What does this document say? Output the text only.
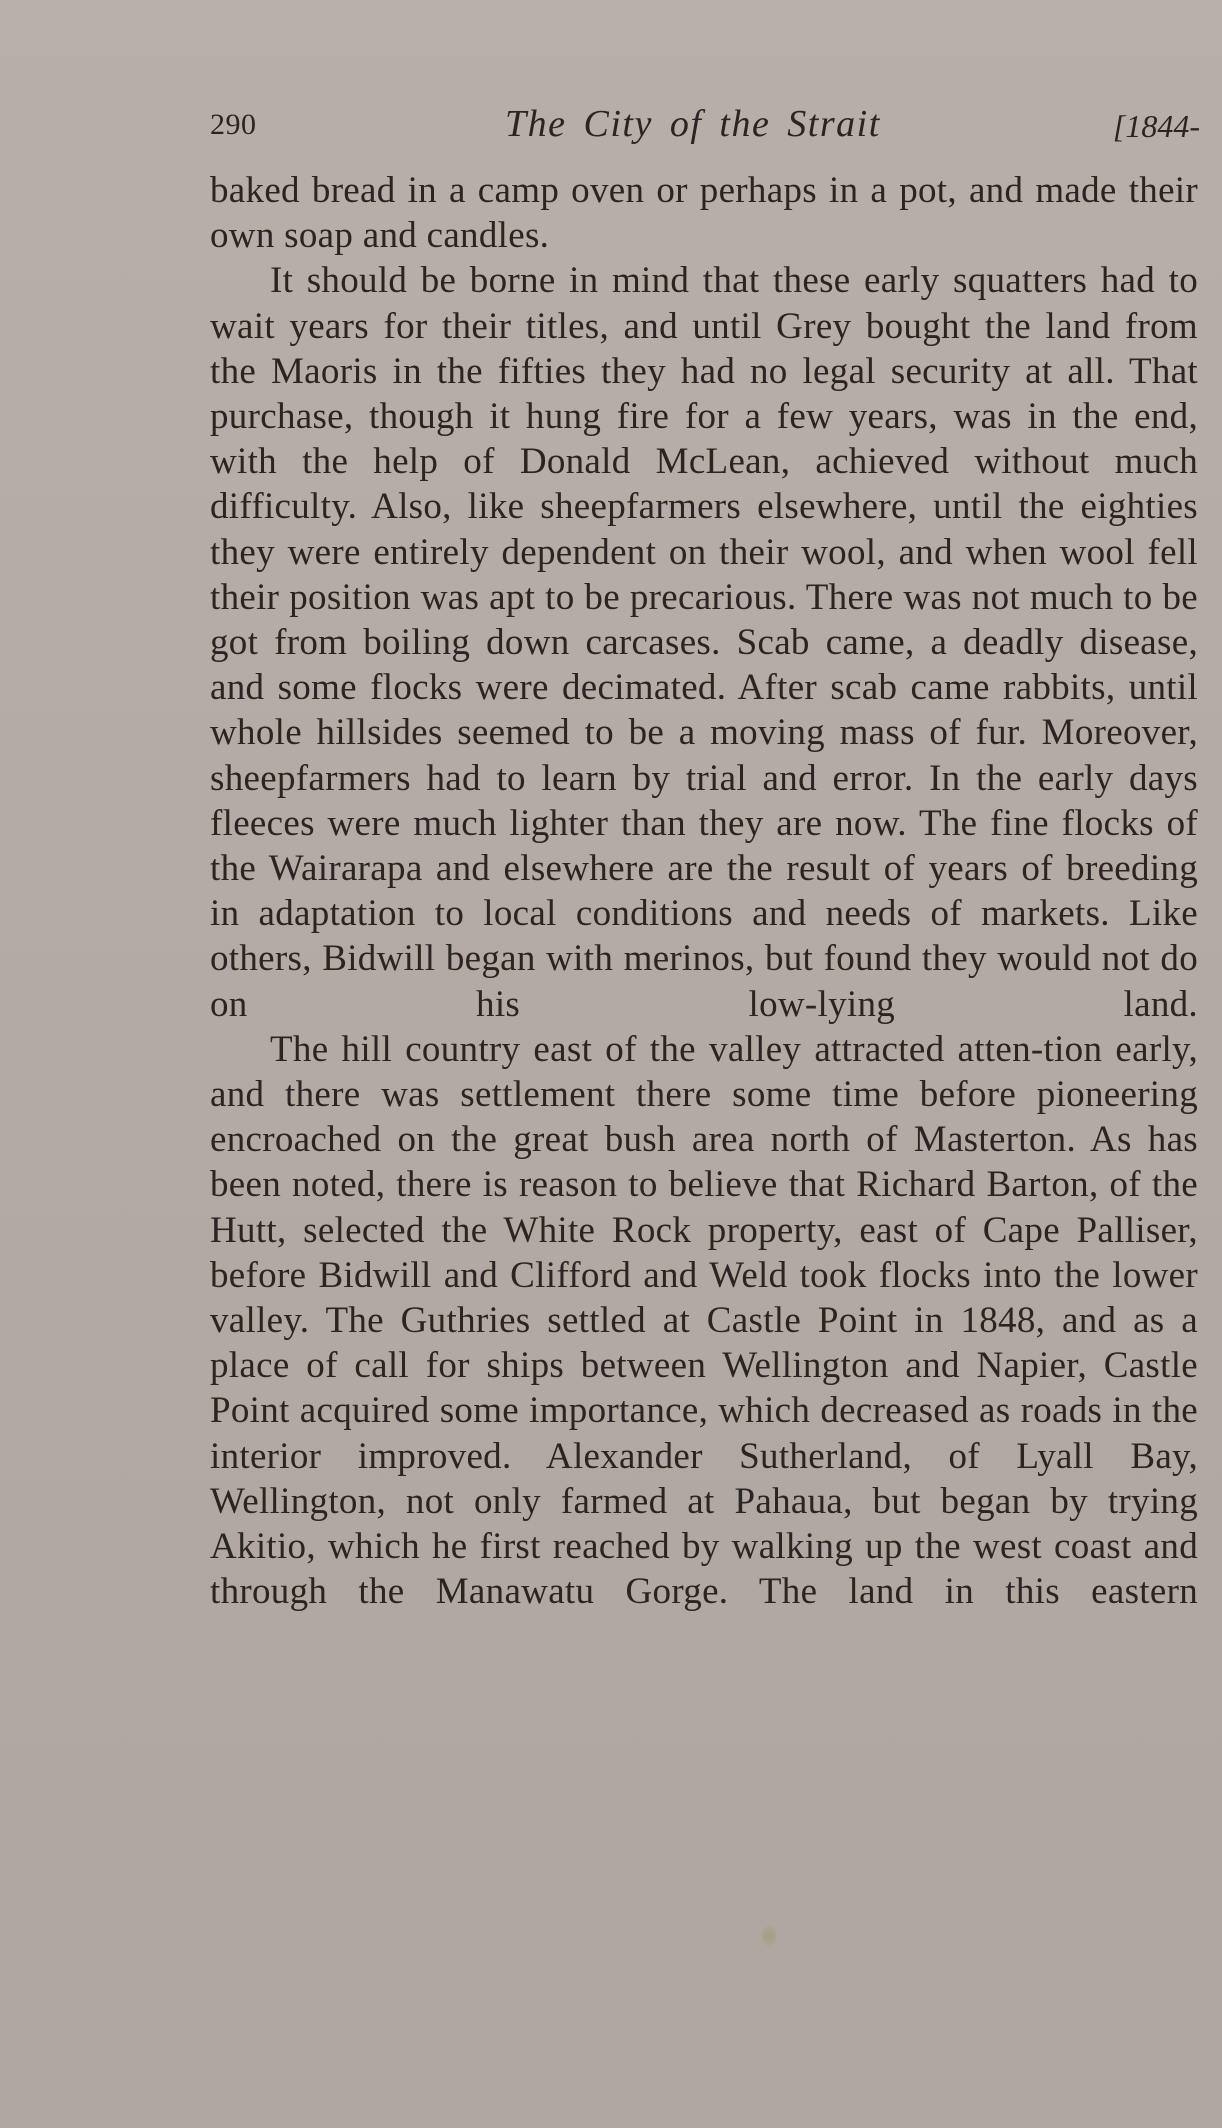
290	The City of the Strait	[1844-

baked bread in a camp oven or perhaps in a pot, and made their own soap and candles.

It should be borne in mind that these early squatters had to wait years for their titles, and until Grey bought the land from the Maoris in the fifties they had no legal security at all. That purchase, though it hung fire for a few years, was in the end, with the help of Donald McLean, achieved without much difficulty. Also, like sheepfarmers elsewhere, until the eighties they were entirely dependent on their wool, and when wool fell their position was apt to be precarious. There was not much to be got from boiling down carcases. Scab came, a deadly disease, and some flocks were decimated. After scab came rabbits, until whole hillsides seemed to be a moving mass of fur. Moreover, sheepfarmers had to learn by trial and error. In the early days fleeces were much lighter than they are now. The fine flocks of the Wairarapa and elsewhere are the result of years of breeding in adaptation to local conditions and needs of markets. Like others, Bidwill began with merinos, but found they would not do on his low-lying land.

The hill country east of the valley attracted atten-tion early, and there was settlement there some time before pioneering encroached on the great bush area north of Masterton. As has been noted, there is reason to believe that Richard Barton, of the Hutt, selected the White Rock property, east of Cape Palliser, before Bidwill and Clifford and Weld took flocks into the lower valley. The Guthries settled at Castle Point in 1848, and as a place of call for ships between Wellington and Napier, Castle Point acquired some importance, which decreased as roads in the interior improved. Alexander Sutherland, of Lyall Bay, Wellington, not only farmed at Pahaua, but began by trying Akitio, which he first reached by walking up the west coast and through the Manawatu Gorge. The land in this eastern
